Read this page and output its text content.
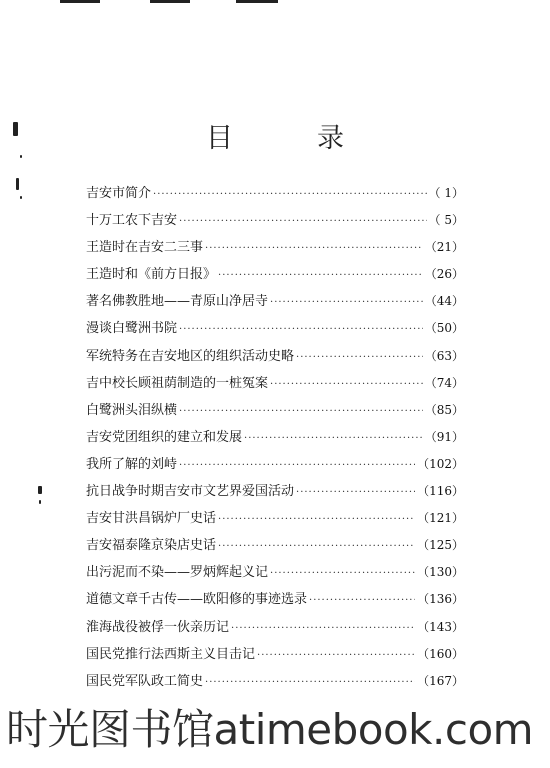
目	录
吉安市简介 ·····	（ 1）
十万工农下吉安 ·····	（ 5）
王造时在吉安二三事 ·····	（21）
王造时和《前方日报》 ·····	（26）
著名佛教胜地——青原山净居寺 ·····	（44）
漫谈白鹭洲书院 ·····	（50）
军统特务在吉安地区的组织活动史略 ·····	（63）
吉中校长顾祖荫制造的一桩冤案 ·····	（74）
白鹭洲头泪纵横 ·····	（85）
吉安党团组织的建立和发展 ·····	（91）
我所了解的刘峙 ·····	（102）
抗日战争时期吉安市文艺界爱国活动 ·····	（116）
吉安甘洪昌锅炉厂史话 ·····	（121）
吉安福泰隆京染店史话 ·····	（125）
出污泥而不染——罗炳辉起义记 ·····	（130）
道德文章千古传——欧阳修的事迹选录 ·····	（136）
淮海战役被俘一伙亲历记 ·····	（143）
国民党推行法西斯主义目击记 ·····	（160）
国民党军队政工简史 ·····	（167）
时光图书馆atimebook.com
